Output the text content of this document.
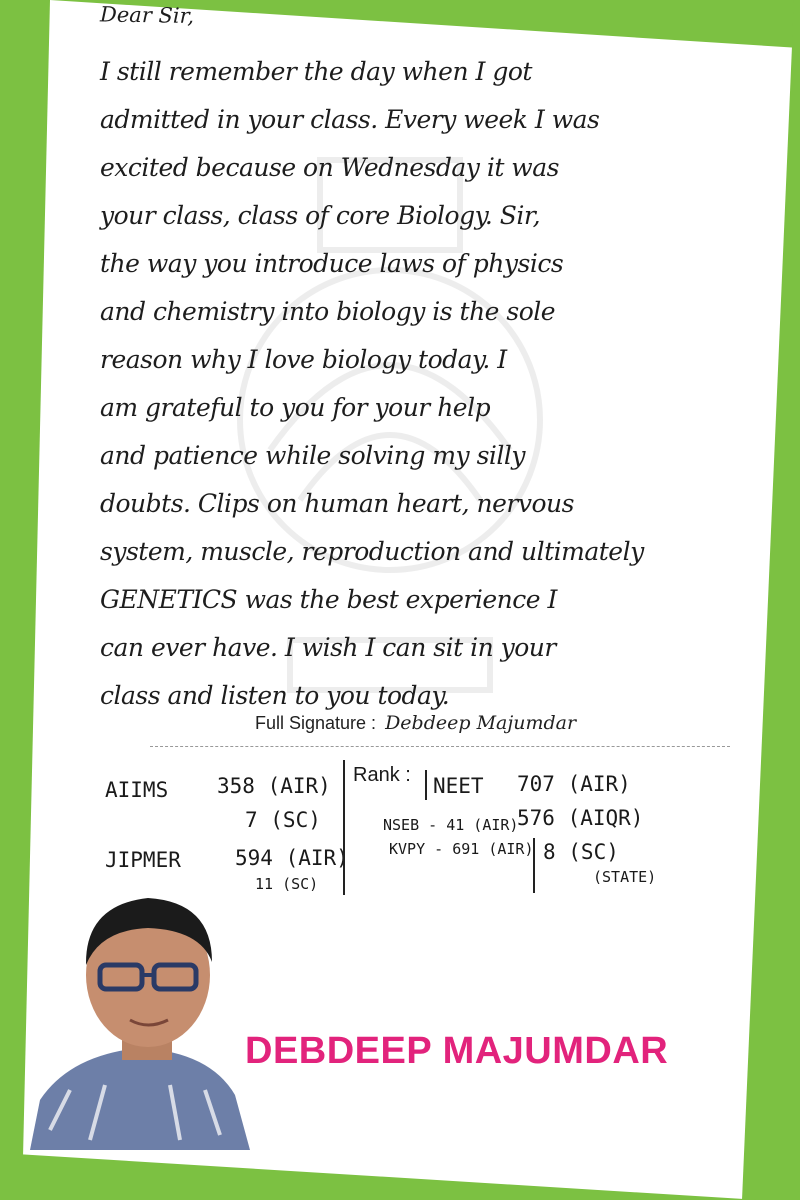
Dear Sir,
I still remember the day when I got
admitted in your class. Every week I was
excited because on Wednesday it was
your class, class of core Biology. Sir,
the way you introduce laws of physics
and chemistry into biology is the sole
reason why I love biology today. I
am grateful to you for your help
and patience while solving my silly
doubts. Clips on human heart, nervous
system, muscle, reproduction and ultimately
GENETICS was the best experience I
can ever have. I wish I can sit in your
class and listen to you today.
Full Signature : Debdeep Majumdar
AIIMS 358 (AIR)
7 (SC)
JIPMER	594 (AIR)
11 (SC)
Rank : NEET 707 (AIR)
NSEB - 41 (AIR)
KVPY - 691 (AIR)
576 (AIQR)
8 (SC)
(STATE)
DEBDEEP MAJUMDAR
